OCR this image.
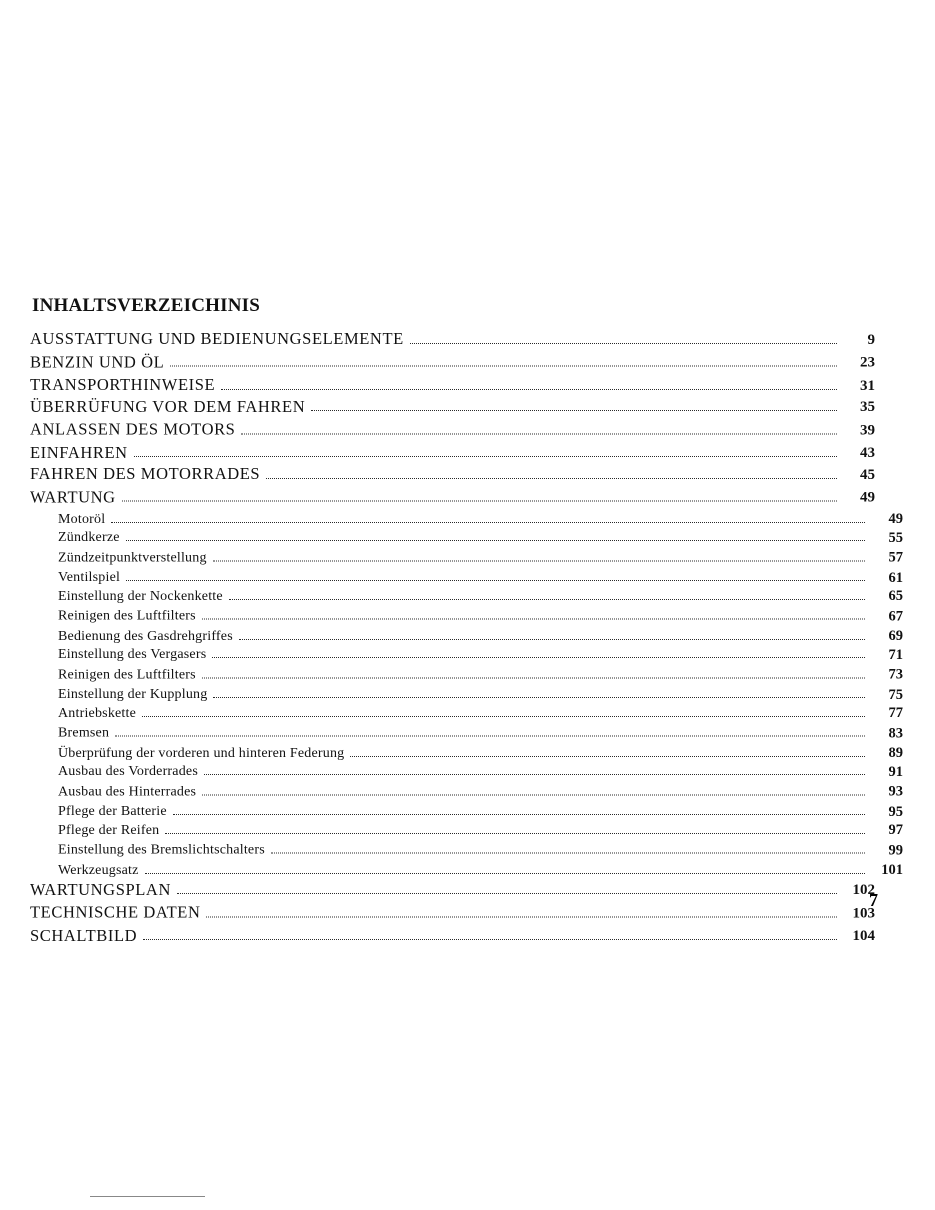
INHALTSVERZEICHINIS
AUSSTATTUNG UND BEDIENUNGSELEMENTE	9
BENZIN UND ÖL	23
TRANSPORTHINWEISE	31
ÜBERRÜFUNG VOR DEM FAHREN	35
ANLASSEN DES MOTORS	39
EINFAHREN	43
FAHREN DES MOTORRADES	45
WARTUNG	49
Motoröl	49
Zündkerze	55
Zündzeitpunktverstellung	57
Ventilspiel	61
Einstellung der Nockenkette	65
Reinigen des Luftfilters	67
Bedienung des Gasdrehgriffes	69
Einstellung des Vergasers	71
Reinigen des Luftfilters	73
Einstellung der Kupplung	75
Antriebskette	77
Bremsen	83
Überprüfung der vorderen und hinteren Federung	89
Ausbau des Vorderrades	91
Ausbau des Hinterrades	93
Pflege der Batterie	95
Pflege der Reifen	97
Einstellung des Bremslichtschalters	99
Werkzeugsatz	101
WARTUNGSPLAN	102
TECHNISCHE DATEN	103
SCHALTBILD	104
7
